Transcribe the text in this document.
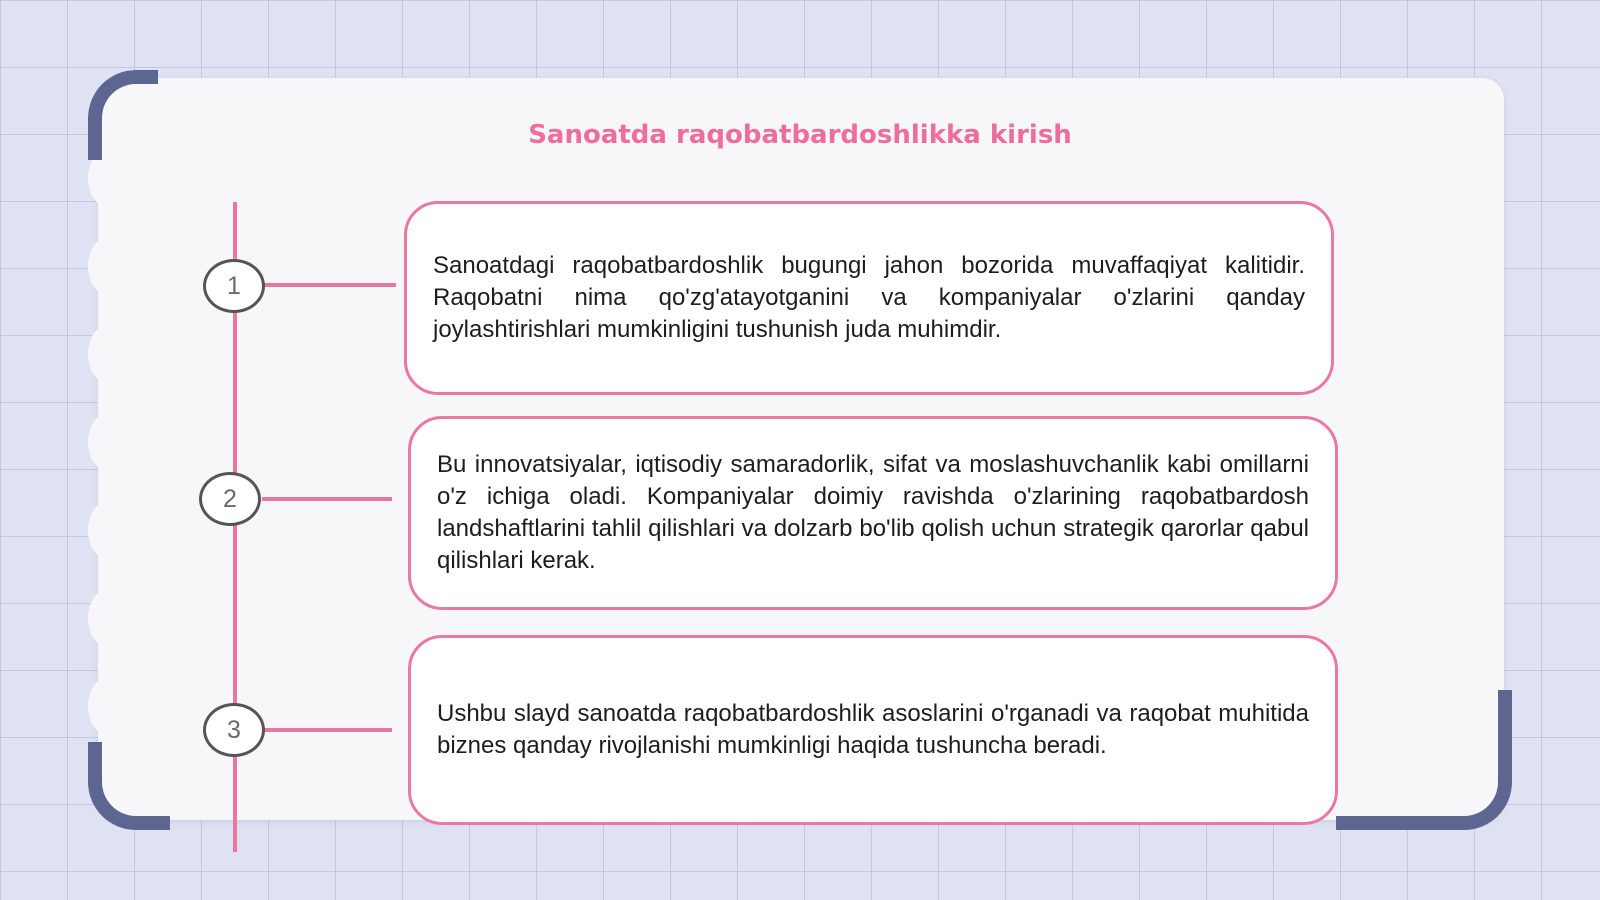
Sanoatda raqobatbardoshlikka kirish
1

Sanoatdagi raqobatbardoshlik bugungi jahon bozorida muvaffaqiyat kalitidir. Raqobatni nima qo'zg'atayotganini va kompaniyalar o'zlarini qanday joylashtirishlari mumkinligini tushunish juda muhimdir.

2

Bu innovatsiyalar, iqtisodiy samaradorlik, sifat va moslashuvchanlik kabi omillarni o'z ichiga oladi. Kompaniyalar doimiy ravishda o'zlarining raqobatbardosh landshaftlarini tahlil qilishlari va dolzarb bo'lib qolish uchun strategik qarorlar qabul qilishlari kerak.

3

Ushbu slayd sanoatda raqobatbardoshlik asoslarini o'rganadi va raqobat muhitida biznes qanday rivojlanishi mumkinligi haqida tushuncha beradi.
